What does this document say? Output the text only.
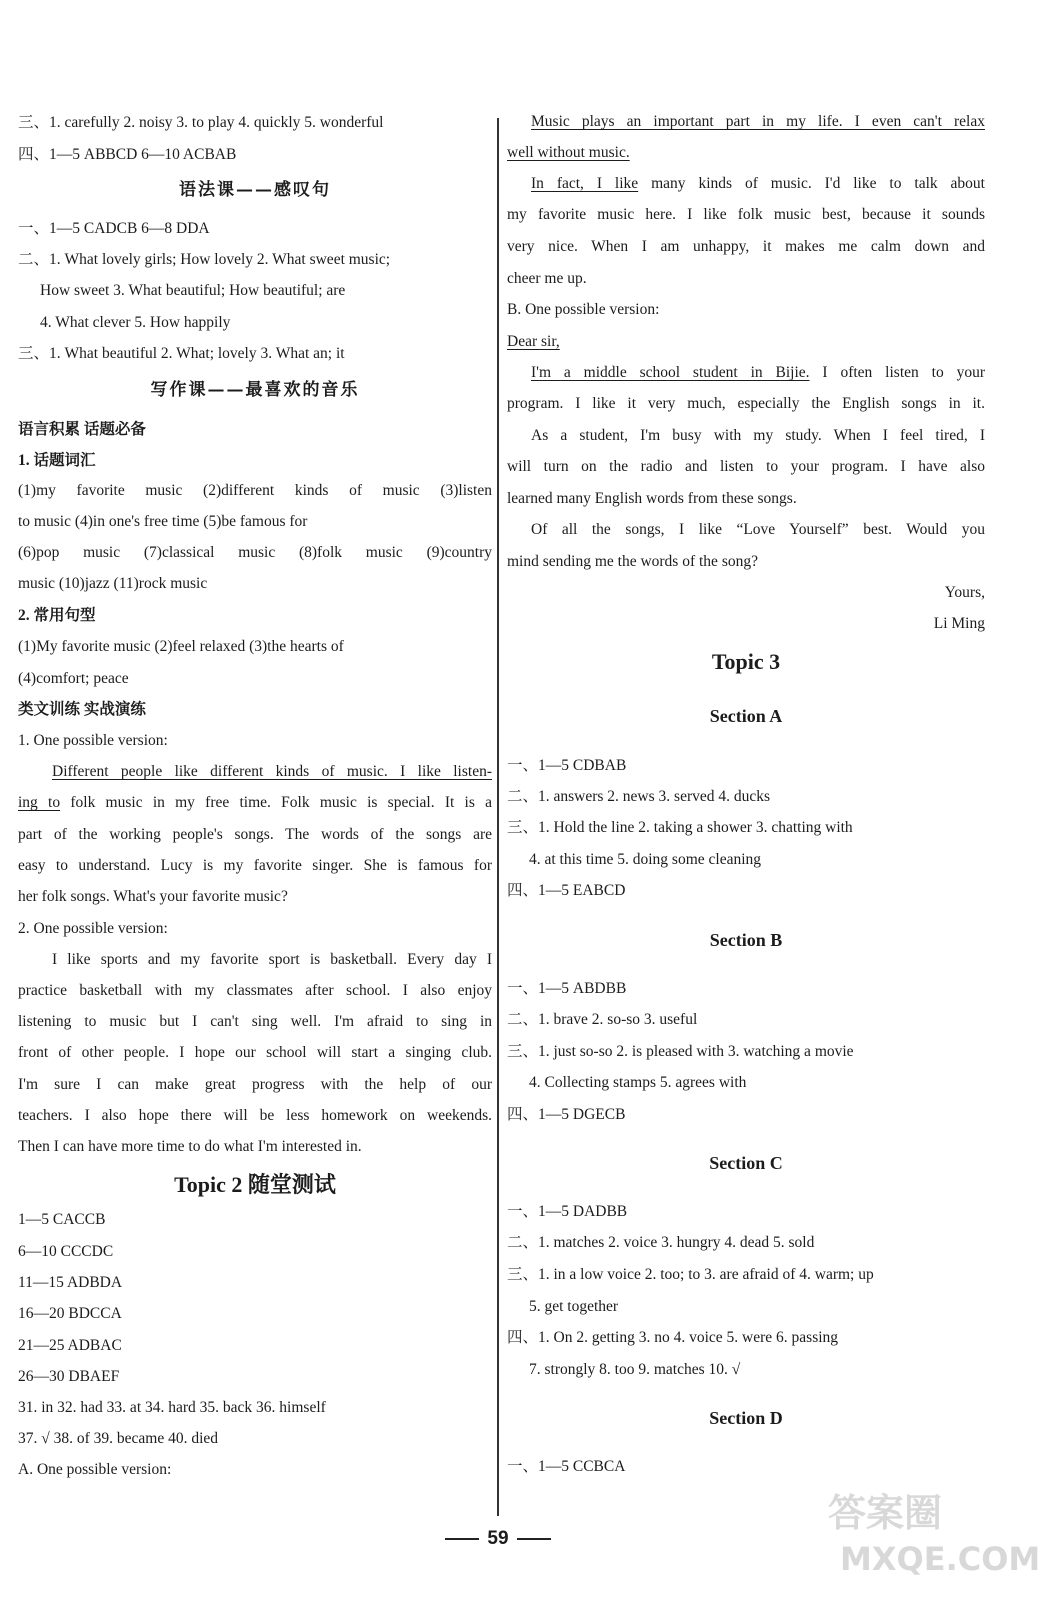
三、1. carefully 2. noisy 3. to play 4. quickly 5. wonderful
四、1—5 ABBCD 6—10 ACBAB
语法课——感叹句
一、1—5 CADCB 6—8 DDA
二、1. What lovely girls; How lovely 2. What sweet music;
How sweet 3. What beautiful; How beautiful; are
4. What clever 5. How happily
三、1. What beautiful 2. What; lovely 3. What an; it
写作课——最喜欢的音乐
语言积累 话题必备
1. 话题词汇
(1)my favorite music (2)different kinds of music (3)listen
to music (4)in one's free time (5)be famous for
(6)pop music (7)classical music (8)folk music (9)country
music (10)jazz (11)rock music
2. 常用句型
(1)My favorite music (2)feel relaxed (3)the hearts of
(4)comfort; peace
类文训练 实战演练
1. One possible version:
Different people like different kinds of music. I like listen-
ing to folk music in my free time. Folk music is special. It is a
part of the working people's songs. The words of the songs are
easy to understand. Lucy is my favorite singer. She is famous for
her folk songs. What's your favorite music?
2. One possible version:
I like sports and my favorite sport is basketball. Every day I
practice basketball with my classmates after school. I also enjoy
listening to music but I can't sing well. I'm afraid to sing in
front of other people. I hope our school will start a singing club.
I'm sure I can make great progress with the help of our
teachers. I also hope there will be less homework on weekends.
Then I can have more time to do what I'm interested in.
Topic 2 随堂测试
1—5 CACCB
6—10 CCCDC
11—15 ADBDA
16—20 BDCCA
21—25 ADBAC
26—30 DBAEF
31. in 32. had 33. at 34. hard 35. back 36. himself
37. √ 38. of 39. became 40. died
A. One possible version:
Music plays an important part in my life. I even can't relax
well without music.
In fact, I like many kinds of music. I'd like to talk about
my favorite music here. I like folk music best, because it sounds
very nice. When I am unhappy, it makes me calm down and
cheer me up.
B. One possible version:
Dear sir,
I'm a middle school student in Bijie. I often listen to your
program. I like it very much, especially the English songs in it.
As a student, I'm busy with my study. When I feel tired, I
will turn on the radio and listen to your program. I have also
learned many English words from these songs.
Of all the songs, I like “Love Yourself” best. Would you
mind sending me the words of the song?
Yours,
Li Ming
Topic 3
Section A
一、1—5 CDBAB
二、1. answers 2. news 3. served 4. ducks
三、1. Hold the line 2. taking a shower 3. chatting with
4. at this time 5. doing some cleaning
四、1—5 EABCD
Section B
一、1—5 ABDBB
二、1. brave 2. so-so 3. useful
三、1. just so-so 2. is pleased with 3. watching a movie
4. Collecting stamps 5. agrees with
四、1—5 DGECB
Section C
一、1—5 DADBB
二、1. matches 2. voice 3. hungry 4. dead 5. sold
三、1. in a low voice 2. too; to 3. are afraid of 4. warm; up
5. get together
四、1. On 2. getting 3. no 4. voice 5. were 6. passing
7. strongly 8. too 9. matches 10. √
Section D
一、1—5 CCBCA
59
答案圈
MXQE.COM
